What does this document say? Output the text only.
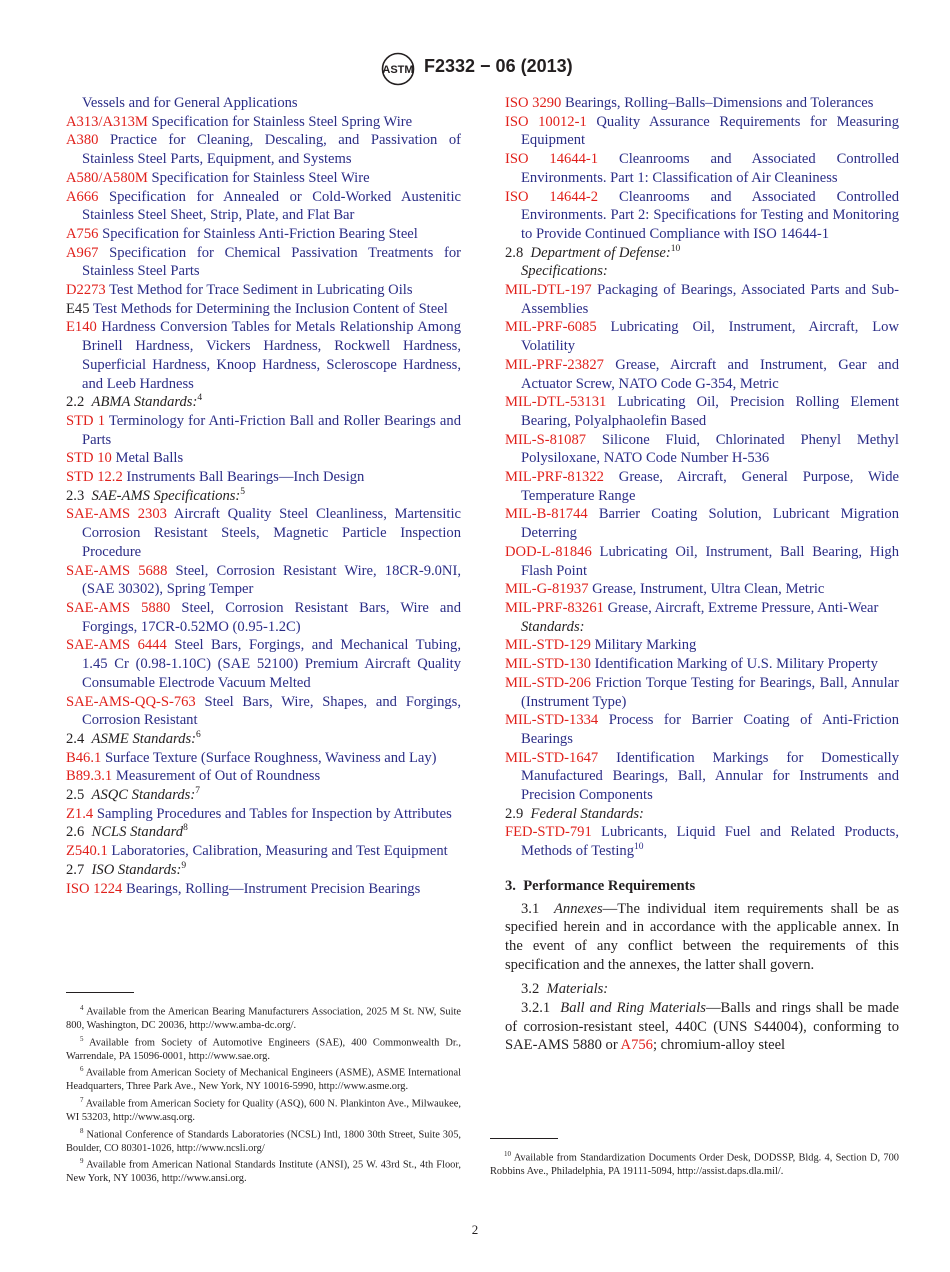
ASTM F2332 − 06 (2013)
Vessels and for General Applications
A313/A313M Specification for Stainless Steel Spring Wire
A380 Practice for Cleaning, Descaling, and Passivation of Stainless Steel Parts, Equipment, and Systems
A580/A580M Specification for Stainless Steel Wire
A666 Specification for Annealed or Cold-Worked Austenitic Stainless Steel Sheet, Strip, Plate, and Flat Bar
A756 Specification for Stainless Anti-Friction Bearing Steel
A967 Specification for Chemical Passivation Treatments for Stainless Steel Parts
D2273 Test Method for Trace Sediment in Lubricating Oils
E45 Test Methods for Determining the Inclusion Content of Steel
E140 Hardness Conversion Tables for Metals Relationship Among Brinell Hardness, Vickers Hardness, Rockwell Hardness, Superficial Hardness, Knoop Hardness, Scleroscope Hardness, and Leeb Hardness
2.2 ABMA Standards:$^4$
STD 1 Terminology for Anti-Friction Ball and Roller Bearings and Parts
STD 10 Metal Balls
STD 12.2 Instruments Ball Bearings—Inch Design
2.3 SAE-AMS Specifications:$^5$
SAE-AMS 2303 Aircraft Quality Steel Cleanliness, Martensitic Corrosion Resistant Steels, Magnetic Particle Inspection Procedure
SAE-AMS 5688 Steel, Corrosion Resistant Wire, 18CR-9.0NI, (SAE 30302), Spring Temper
SAE-AMS 5880 Steel, Corrosion Resistant Bars, Wire and Forgings, 17CR-0.52MO (0.95-1.2C)
SAE-AMS 6444 Steel Bars, Forgings, and Mechanical Tubing, 1.45 Cr (0.98-1.10C) (SAE 52100) Premium Aircraft Quality Consumable Electrode Vacuum Melted
SAE-AMS-QQ-S-763 Steel Bars, Wire, Shapes, and Forgings, Corrosion Resistant
2.4 ASME Standards:$^6$
B46.1 Surface Texture (Surface Roughness, Waviness and Lay)
B89.3.1 Measurement of Out of Roundness
2.5 ASQC Standards:$^7$
Z1.4 Sampling Procedures and Tables for Inspection by Attributes
2.6 NCLS Standard$^8$
Z540.1 Laboratories, Calibration, Measuring and Test Equipment
2.7 ISO Standards:$^9$
ISO 1224 Bearings, Rolling—Instrument Precision Bearings
ISO 3290 Bearings, Rolling–Balls–Dimensions and Tolerances
ISO 10012-1 Quality Assurance Requirements for Measuring Equipment
ISO 14644-1 Cleanrooms and Associated Controlled Environments. Part 1: Classification of Air Cleaniness
ISO 14644-2 Cleanrooms and Associated Controlled Environments. Part 2: Specifications for Testing and Monitoring to Provide Continued Compliance with ISO 14644-1
2.8 Department of Defense:$^{10}$
Specifications:
MIL-DTL-197 Packaging of Bearings, Associated Parts and Sub-Assemblies
MIL-PRF-6085 Lubricating Oil, Instrument, Aircraft, Low Volatility
MIL-PRF-23827 Grease, Aircraft and Instrument, Gear and Actuator Screw, NATO Code G-354, Metric
MIL-DTL-53131 Lubricating Oil, Precision Rolling Element Bearing, Polyalphaolefin Based
MIL-S-81087 Silicone Fluid, Chlorinated Phenyl Methyl Polysiloxane, NATO Code Number H-536
MIL-PRF-81322 Grease, Aircraft, General Purpose, Wide Temperature Range
MIL-B-81744 Barrier Coating Solution, Lubricant Migration Deterring
DOD-L-81846 Lubricating Oil, Instrument, Ball Bearing, High Flash Point
MIL-G-81937 Grease, Instrument, Ultra Clean, Metric
MIL-PRF-83261 Grease, Aircraft, Extreme Pressure, Anti-Wear
Standards:
MIL-STD-129 Military Marking
MIL-STD-130 Identification Marking of U.S. Military Property
MIL-STD-206 Friction Torque Testing for Bearings, Ball, Annular (Instrument Type)
MIL-STD-1334 Process for Barrier Coating of Anti-Friction Bearings
MIL-STD-1647 Identification Markings for Domestically Manufactured Bearings, Ball, Annular for Instruments and Precision Components
2.9 Federal Standards:
FED-STD-791 Lubricants, Liquid Fuel and Related Products, Methods of Testing$^{10}$
3. Performance Requirements
3.1 Annexes—The individual item requirements shall be as specified herein and in accordance with the applicable annex. In the event of any conflict between the requirements of this specification and the annexes, the latter shall govern.
3.2 Materials:
3.2.1 Ball and Ring Materials—Balls and rings shall be made of corrosion-resistant steel, 440C (UNS S44004), conforming to SAE-AMS 5880 or A756; chromium-alloy steel
$^4$ Available from the American Bearing Manufacturers Association, 2025 M St. NW, Suite 800, Washington, DC 20036, http://www.amba-dc.org/.
$^5$ Available from Society of Automotive Engineers (SAE), 400 Commonwealth Dr., Warrendale, PA 15096-0001, http://www.sae.org.
$^6$ Available from American Society of Mechanical Engineers (ASME), ASME International Headquarters, Three Park Ave., New York, NY 10016-5990, http://www.asme.org.
$^7$ Available from American Society for Quality (ASQ), 600 N. Plankinton Ave., Milwaukee, WI 53203, http://www.asq.org.
$^8$ National Conference of Standards Laboratories (NCSL) Intl, 1800 30th Street, Suite 305, Boulder, CO 80301-1026, http://www.ncsli.org/
$^9$ Available from American National Standards Institute (ANSI), 25 W. 43rd St., 4th Floor, New York, NY 10036, http://www.ansi.org.
$^{10}$ Available from Standardization Documents Order Desk, DODSSP, Bldg. 4, Section D, 700 Robbins Ave., Philadelphia, PA 19111-5094, http://assist.daps.dla.mil/.
2
